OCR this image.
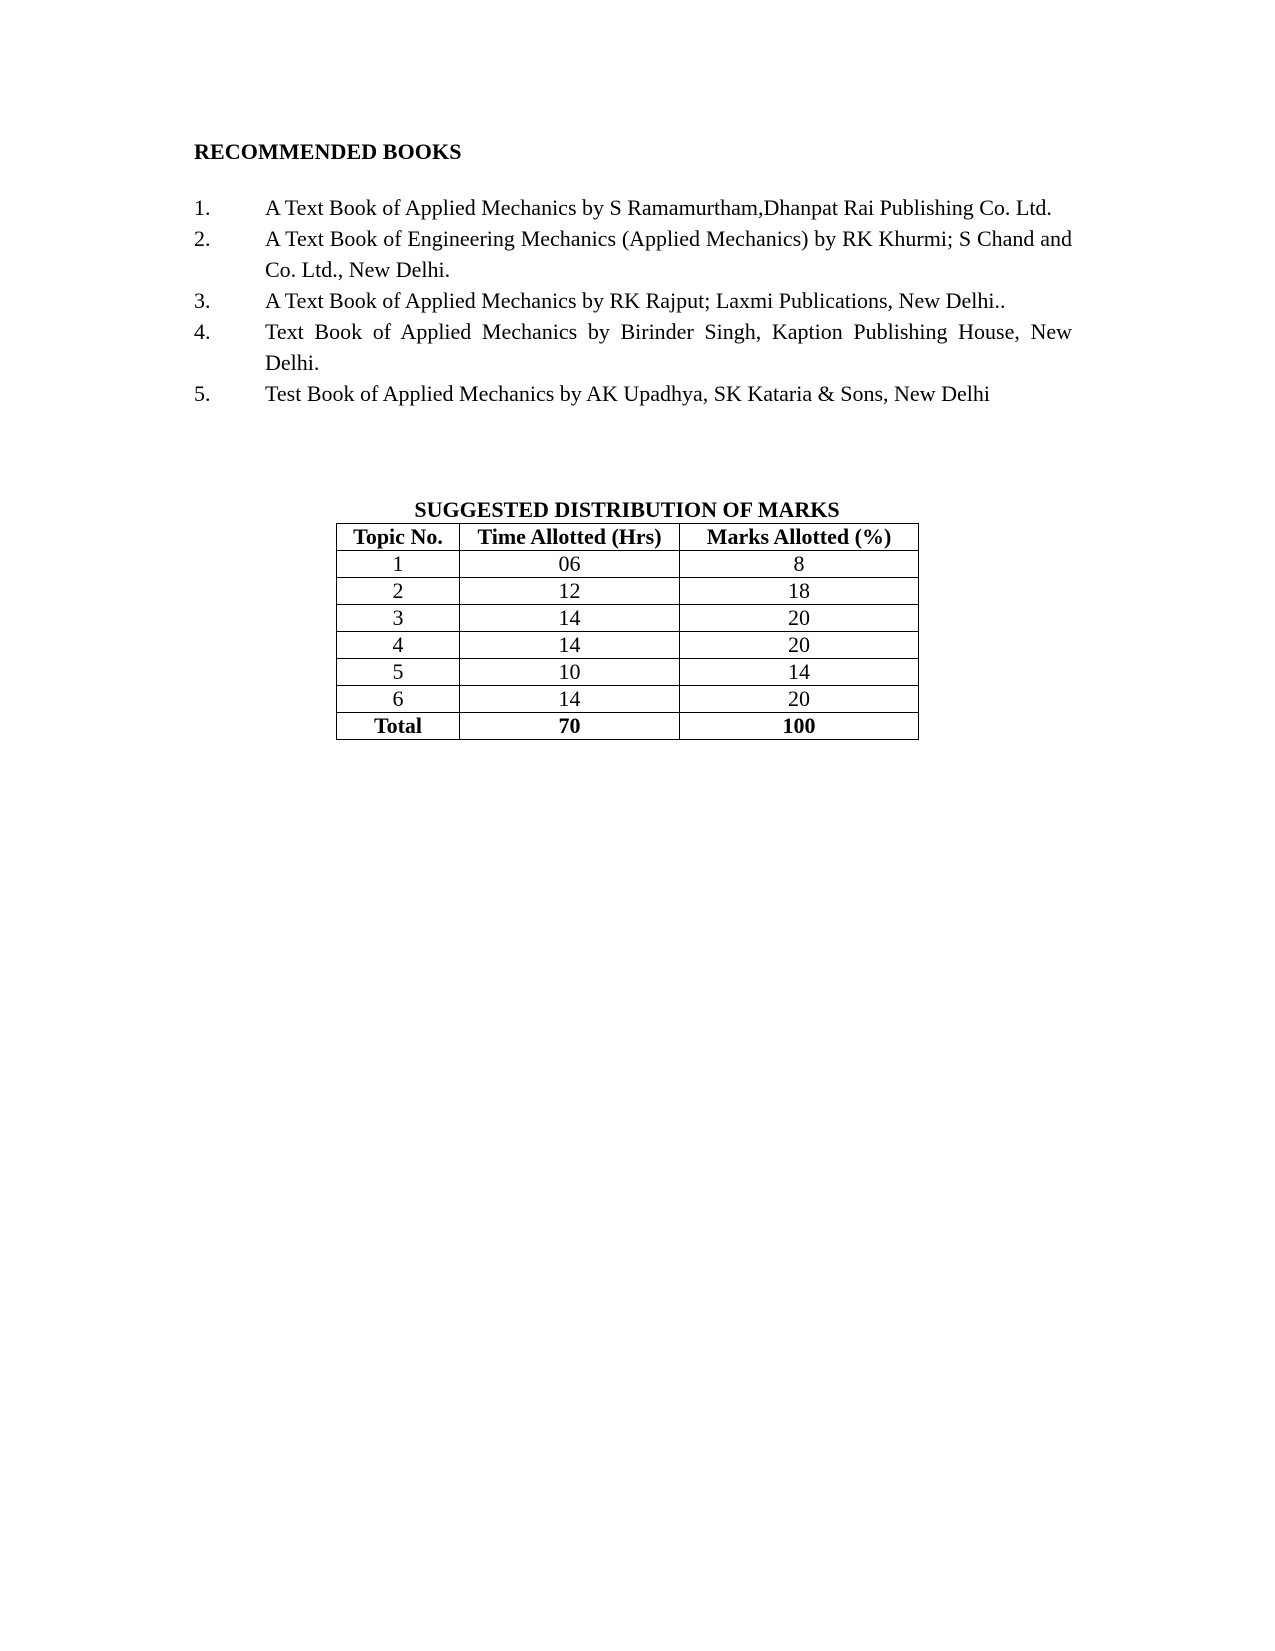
RECOMMENDED BOOKS
1. A Text Book of Applied Mechanics by S Ramamurtham,Dhanpat Rai Publishing Co. Ltd.
2. A Text Book of Engineering Mechanics (Applied Mechanics) by RK Khurmi; S Chand and Co. Ltd., New Delhi.
3. A Text Book of Applied Mechanics by RK Rajput; Laxmi Publications, New Delhi..
4. Text Book of Applied Mechanics by Birinder Singh, Kaption Publishing House, New Delhi.
5. Test Book of Applied Mechanics by AK Upadhya, SK Kataria & Sons, New Delhi
SUGGESTED DISTRIBUTION OF MARKS
Topic No.	Time Allotted (Hrs)	Marks Allotted (%)
1	06	8
2	12	18
3	14	20
4	14	20
5	10	14
6	14	20
Total	70	100
